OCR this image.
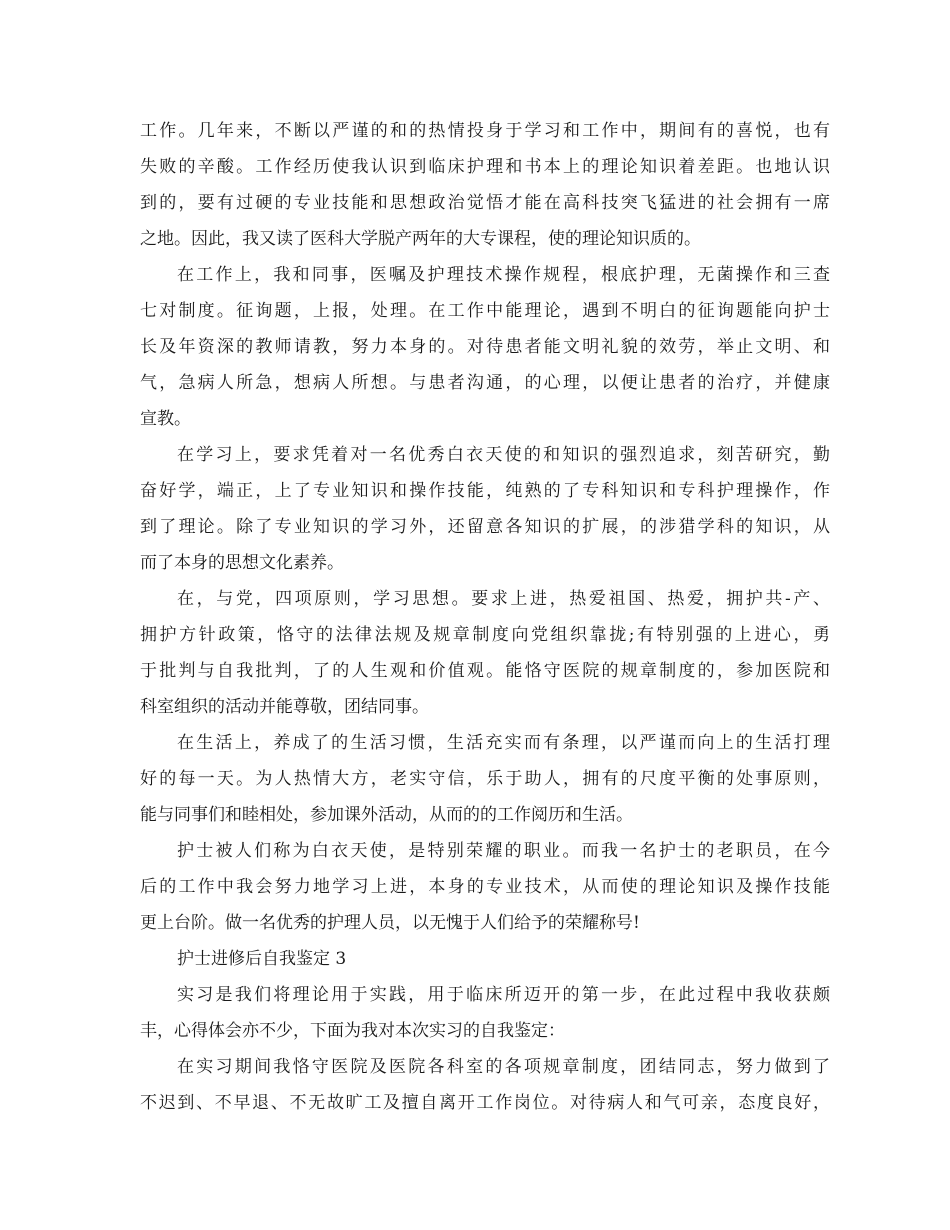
工作。几年来，不断以严谨的和的热情投身于学习和工作中，期间有的喜悦，也有
失败的辛酸。工作经历使我认识到临床护理和书本上的理论知识着差距。也地认识
到的，要有过硬的专业技能和思想政治觉悟才能在高科技突飞猛进的社会拥有一席
之地。因此，我又读了医科大学脱产两年的大专课程，使的理论知识质的。
在工作上，我和同事，医嘱及护理技术操作规程，根底护理，无菌操作和三查
七对制度。征询题，上报，处理。在工作中能理论，遇到不明白的征询题能向护士
长及年资深的教师请教，努力本身的。对待患者能文明礼貌的效劳，举止文明、和
气，急病人所急，想病人所想。与患者沟通，的心理，以便让患者的治疗，并健康
宣教。
在学习上，要求凭着对一名优秀白衣天使的和知识的强烈追求，刻苦研究，勤
奋好学，端正，上了专业知识和操作技能，纯熟的了专科知识和专科护理操作，作
到了理论。除了专业知识的学习外，还留意各知识的扩展，的涉猎学科的知识，从
而了本身的思想文化素养。
在，与党，四项原则，学习思想。要求上进，热爱祖国、热爱，拥护共-产、
拥护方针政策，恪守的法律法规及规章制度向党组织靠拢;有特别强的上进心，勇
于批判与自我批判，了的人生观和价值观。能恪守医院的规章制度的，参加医院和
科室组织的活动并能尊敬，团结同事。
在生活上，养成了的生活习惯，生活充实而有条理，以严谨而向上的生活打理
好的每一天。为人热情大方，老实守信，乐于助人，拥有的尺度平衡的处事原则，
能与同事们和睦相处，参加课外活动，从而的的工作阅历和生活。
护士被人们称为白衣天使，是特别荣耀的职业。而我一名护士的老职员，在今
后的工作中我会努力地学习上进，本身的专业技术，从而使的理论知识及操作技能
更上台阶。做一名优秀的护理人员，以无愧于人们给予的荣耀称号!
护士进修后自我鉴定 3
实习是我们将理论用于实践，用于临床所迈开的第一步，在此过程中我收获颇
丰，心得体会亦不少，下面为我对本次实习的自我鉴定：
在实习期间我恪守医院及医院各科室的各项规章制度，团结同志，努力做到了
不迟到、不早退、不无故旷工及擅自离开工作岗位。对待病人和气可亲，态度良好，
